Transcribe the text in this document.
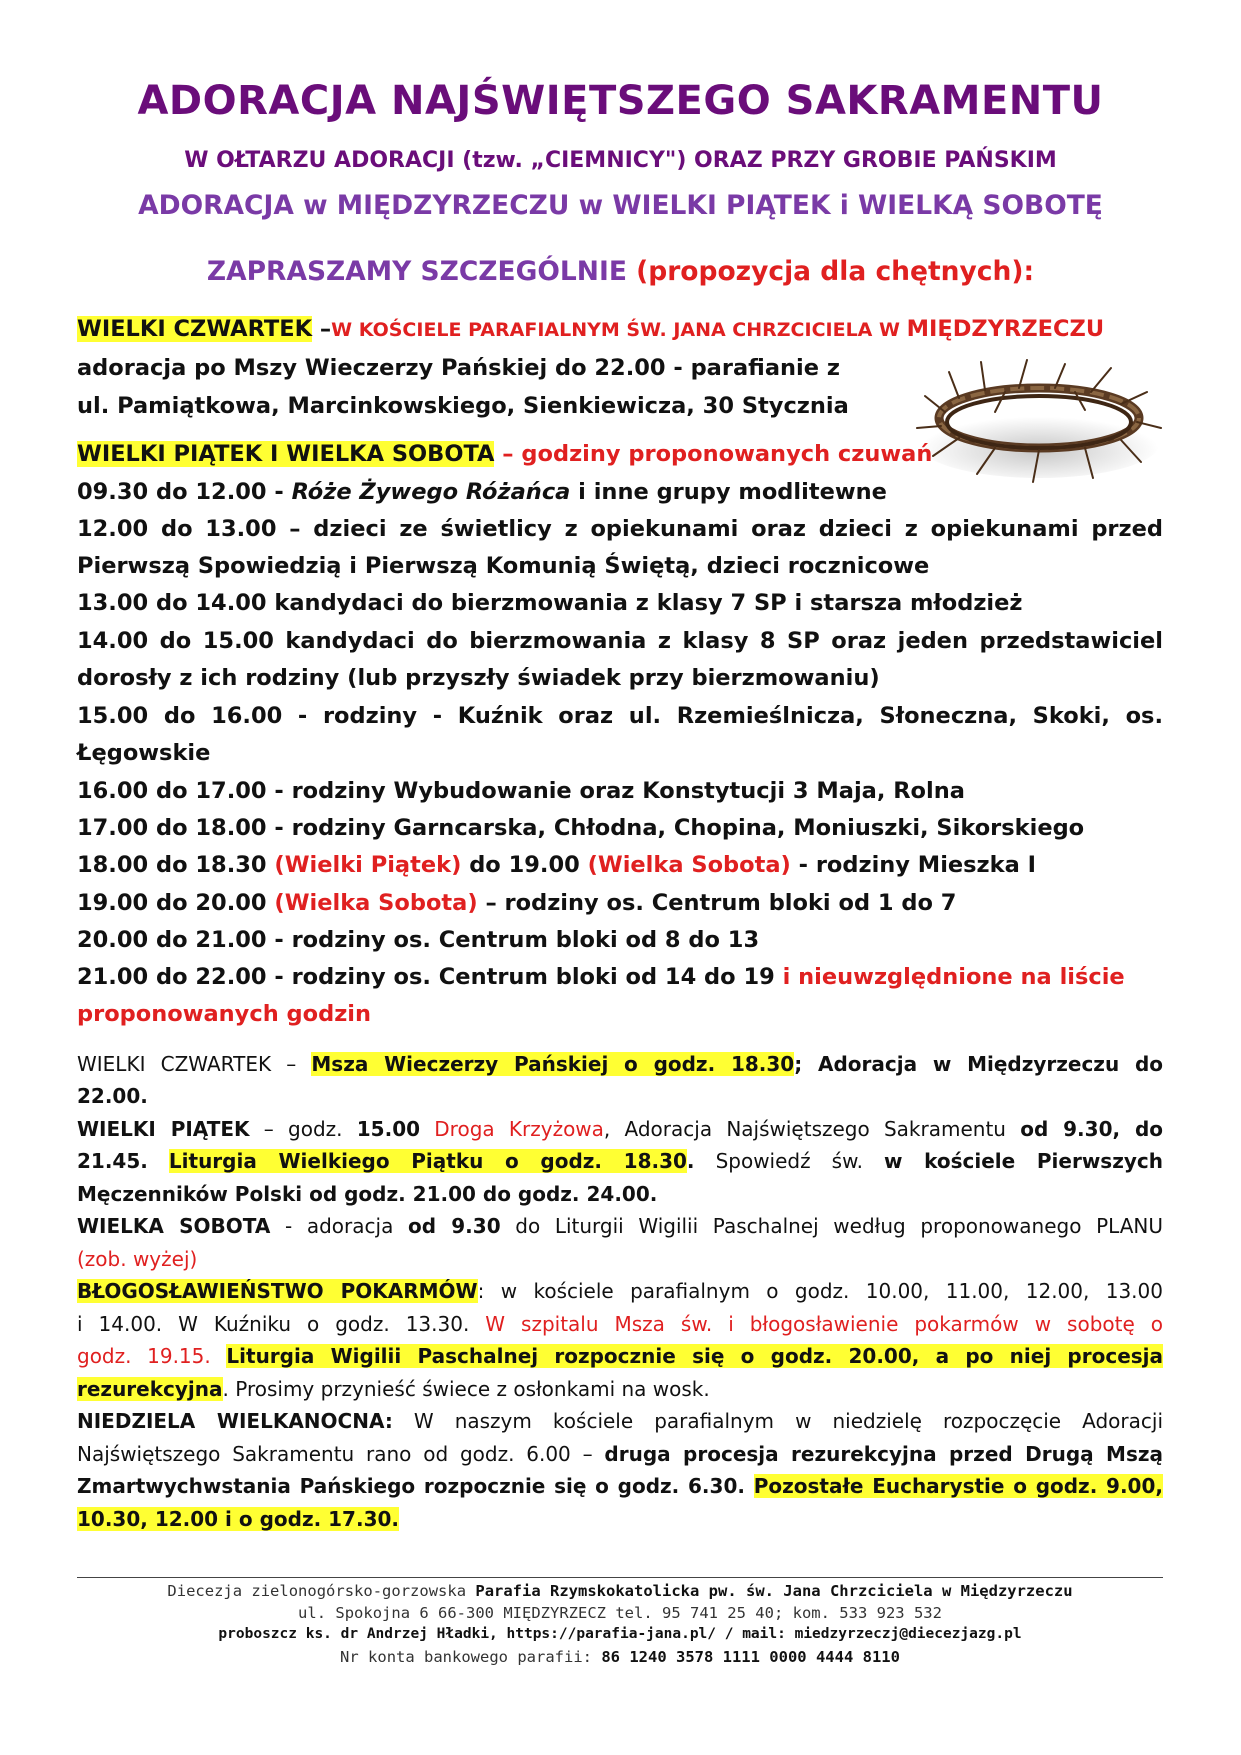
ADORACJA NAJŚWIĘTSZEGO SAKRAMENTU
W OŁTARZU ADORACJI (tzw. „CIEMNICY") ORAZ PRZY GROBIE PAŃSKIM
ADORACJA w MIĘDZYRZECZU w WIELKI PIĄTEK i WIELKĄ SOBOTĘ
ZAPRASZAMY SZCZEGÓLNIE (propozycja dla chętnych):
WIELKI CZWARTEK –W KOŚCIELE PARAFIALNYM ŚW. JANA CHRZCICIELA W MIĘDZYRZECZU
adoracja po Mszy Wieczerzy Pańskiej do 22.00 - parafianie z
ul. Pamiątkowa, Marcinkowskiego, Sienkiewicza, 30 Stycznia
WIELKI PIĄTEK I WIELKA SOBOTA – godziny proponowanych czuwań
09.30 do 12.00 - Róże Żywego Różańca i inne grupy modlitewne
12.00 do 13.00 – dzieci ze świetlicy z opiekunami oraz dzieci z opiekunami przed
Pierwszą Spowiedzią i Pierwszą Komunią Świętą, dzieci rocznicowe
13.00 do 14.00 kandydaci do bierzmowania z klasy 7 SP i starsza młodzież
14.00 do 15.00 kandydaci do bierzmowania z klasy 8 SP oraz jeden przedstawiciel
dorosły z ich rodziny (lub przyszły świadek przy bierzmowaniu)
15.00 do 16.00 - rodziny - Kuźnik oraz ul. Rzemieślnicza, Słoneczna, Skoki, os.
Łęgowskie
16.00 do 17.00 - rodziny Wybudowanie oraz Konstytucji 3 Maja, Rolna
17.00 do 18.00 - rodziny Garncarska, Chłodna, Chopina, Moniuszki, Sikorskiego
18.00 do 18.30 (Wielki Piątek) do 19.00 (Wielka Sobota) - rodziny Mieszka I
19.00 do 20.00 (Wielka Sobota) – rodziny os. Centrum bloki od 1 do 7
20.00 do 21.00 - rodziny os. Centrum bloki od 8 do 13
21.00 do 22.00 - rodziny os. Centrum bloki od 14 do 19 i nieuwzględnione na liście
proponowanych godzin
WIELKI CZWARTEK – Msza Wieczerzy Pańskiej o godz. 18.30; Adoracja w Międzyrzeczu do
22.00.
WIELKI PIĄTEK – godz. 15.00 Droga Krzyżowa, Adoracja Najświętszego Sakramentu od 9.30, do
21.45. Liturgia Wielkiego Piątku o godz. 18.30. Spowiedź św. w kościele Pierwszych
Męczenników Polski od godz. 21.00 do godz. 24.00.
WIELKA SOBOTA - adoracja od 9.30 do Liturgii Wigilii Paschalnej według proponowanego PLANU
(zob. wyżej)
BŁOGOSŁAWIEŃSTWO POKARMÓW: w kościele parafialnym o godz. 10.00, 11.00, 12.00, 13.00
i 14.00. W Kuźniku o godz. 13.30. W szpitalu Msza św. i błogosławienie pokarmów w sobotę o
godz. 19.15. Liturgia Wigilii Paschalnej rozpocznie się o godz. 20.00, a po niej procesja
rezurekcyjna. Prosimy przynieść świece z osłonkami na wosk.
NIEDZIELA WIELKANOCNA: W naszym kościele parafialnym w niedzielę rozpoczęcie Adoracji
Najświętszego Sakramentu rano od godz. 6.00 – druga procesja rezurekcyjna przed Drugą Mszą
Zmartwychwstania Pańskiego rozpocznie się o godz. 6.30. Pozostałe Eucharystie o godz. 9.00,
10.30, 12.00 i o godz. 17.30.
Diecezja zielonogórsko-gorzowska Parafia Rzymskokatolicka pw. św. Jana Chrzciciela w Międzyrzeczu
ul. Spokojna 6 66-300 MIĘDZYRZECZ tel. 95 741 25 40; kom. 533 923 532
proboszcz ks. dr Andrzej Hładki, https://parafia-jana.pl/ / mail: miedzyrzeczj@diecezjazg.pl
Nr konta bankowego parafii: 86 1240 3578 1111 0000 4444 8110
